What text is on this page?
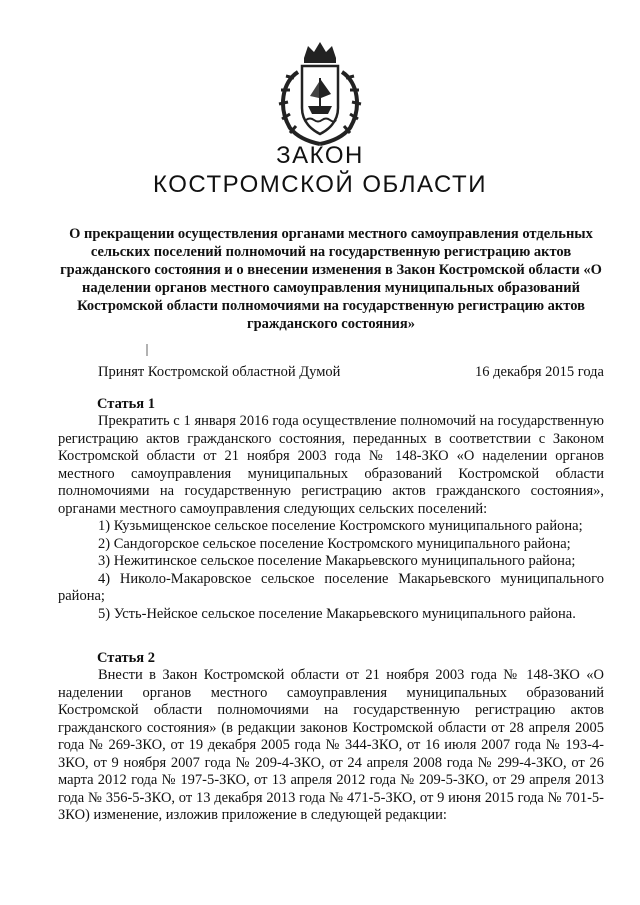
ЗАКОН
КОСТРОМСКОЙ ОБЛАСТИ
О прекращении осуществления органами местного самоуправления отдельных сельских поселений полномочий на государственную регистрацию актов гражданского состояния и о внесении изменения в Закон Костромской области «О наделении органов местного самоуправления муниципальных образований Костромской области полномочиями на государственную регистрацию актов гражданского состояния»
Принят Костромской областной Думой	16 декабря 2015 года
Статья 1

Прекратить с 1 января 2016 года осуществление полномочий на государственную регистрацию актов гражданского состояния, переданных в соответствии с Законом Костромской области от 21 ноября 2003 года № 148-ЗКО «О наделении органов местного самоуправления муниципальных образований Костромской области полномочиями на государственную регистрацию актов гражданского состояния», органами местного самоуправления следующих сельских поселений:

1) Кузьмищенское сельское поселение Костромского муниципального района;

2) Сандогорское сельское поселение Костромского муниципального района;

3) Нежитинское сельское поселение Макарьевского муниципального района;

4) Николо-Макаровское сельское поселение Макарьевского муниципального района;

5) Усть-Нейское сельское поселение Макарьевского муниципального района.

Статья 2

Внести в Закон Костромской области от 21 ноября 2003 года № 148-ЗКО «О наделении органов местного самоуправления муниципальных образований Костромской области полномочиями на государственную регистрацию актов гражданского состояния» (в редакции законов Костромской области от 28 апреля 2005 года № 269-ЗКО, от 19 декабря 2005 года № 344-ЗКО, от 16 июля 2007 года № 193-4-ЗКО, от 9 ноября 2007 года № 209-4-ЗКО, от 24 апреля 2008 года № 299-4-ЗКО, от 26 марта 2012 года № 197-5-ЗКО, от 13 апреля 2012 года № 209-5-ЗКО, от 29 апреля 2013 года № 356-5-ЗКО, от 13 декабря 2013 года № 471-5-ЗКО, от 9 июня 2015 года № 701-5-ЗКО) изменение, изложив приложение в следующей редакции:
